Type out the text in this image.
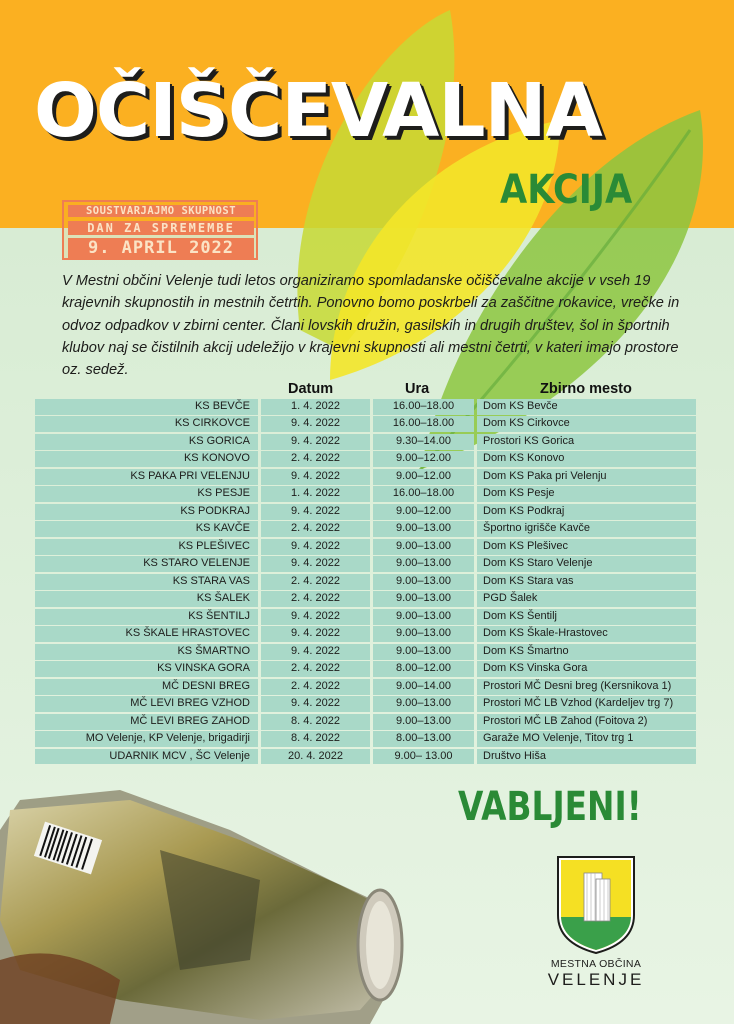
OČIŠČEVALNA
AKCIJA
SOUSTVARJAJMO SKUPNOST
DAN ZA SPREMEMBE
9. APRIL 2022

V Mestni občini Velenje tudi letos organiziramo spomladanske očiščevalne akcije v vseh 19 krajevnih skupnostih in mestnih četrtih. Ponovno bomo poskrbeli za zaščitne rokavice, vrečke in odvoz odpadkov v zbirni center. Člani lovskih družin, gasilskih in drugih društev, šol in športnih klubov naj se čistilnih akcij udeležijo v krajevni skupnosti ali mestni četrti, v kateri imajo prostore oz. sedež.

Datum	Ura	Zbirno mesto
KS BEVČE	1. 4. 2022	16.00–18.00	Dom KS Bevče
KS CIRKOVCE	9. 4. 2022	16.00–18.00	Dom KS Cirkovce
KS GORICA	9. 4. 2022	9.30–14.00	Prostori KS Gorica
KS KONOVO	2. 4. 2022	9.00–12.00	Dom KS Konovo
KS PAKA PRI VELENJU	9. 4. 2022	9.00–12.00	Dom KS Paka pri Velenju
KS PESJE	1. 4. 2022	16.00–18.00	Dom KS Pesje
KS PODKRAJ	9. 4. 2022	9.00–12.00	Dom KS Podkraj
KS KAVČE	2. 4. 2022	9.00–13.00	Športno igrišče Kavče
KS PLEŠIVEC	9. 4. 2022	9.00–13.00	Dom KS Plešivec
KS STARO VELENJE	9. 4. 2022	9.00–13.00	Dom KS Staro Velenje
KS STARA VAS	2. 4. 2022	9.00–13.00	Dom KS Stara vas
KS ŠALEK	2. 4. 2022	9.00–13.00	PGD Šalek
KS ŠENTILJ	9. 4. 2022	9.00–13.00	Dom KS Šentilj
KS ŠKALE HRASTOVEC	9. 4. 2022	9.00–13.00	Dom KS Škale-Hrastovec
KS ŠMARTNO	9. 4. 2022	9.00–13.00	Dom KS Šmartno
KS VINSKA GORA	2. 4. 2022	8.00–12.00	Dom KS Vinska Gora
MČ DESNI BREG	2. 4. 2022	9.00–14.00	Prostori MČ Desni breg (Kersnikova 1)
MČ LEVI BREG VZHOD	9. 4. 2022	9.00–13.00	Prostori MČ LB Vzhod (Kardeljev trg 7)
MČ LEVI BREG ZAHOD	8. 4. 2022	9.00–13.00	Prostori MČ LB Zahod (Foitova 2)
MO Velenje, KP Velenje, brigadirji	8. 4. 2022	8.00–13.00	Garaže MO Velenje, Titov trg 1
UDARNIK MCV , ŠC Velenje	20. 4. 2022	9.00– 13.00	Društvo Hiša
VABLJENI!
MESTNA OBČINA
VELENJE
